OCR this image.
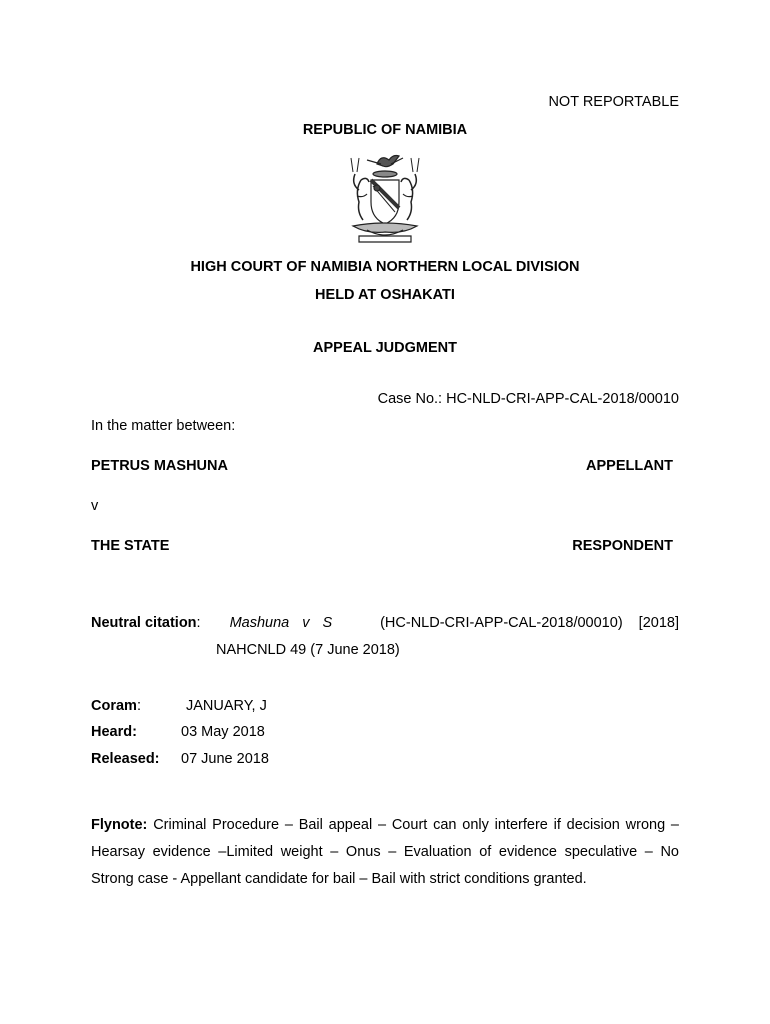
NOT REPORTABLE
REPUBLIC OF NAMIBIA
HIGH COURT OF NAMIBIA NORTHERN LOCAL DIVISION
HELD AT OSHAKATI
APPEAL JUDGMENT
Case No.: HC-NLD-CRI-APP-CAL-2018/00010
In the matter between:
PETRUS MASHUNA	APPELLANT
v
THE STATE	RESPONDENT
Neutral citation: Mashuna v S	(HC-NLD-CRI-APP-CAL-2018/00010) [2018]
NAHCNLD 49 (7 June 2018)
Coram:	JANUARY, J
Heard:	03 May 2018
Released: 07 June 2018
Flynote: Criminal Procedure – Bail appeal – Court can only interfere if decision wrong – Hearsay evidence –Limited weight – Onus – Evaluation of evidence speculative – No Strong case - Appellant candidate for bail – Bail with strict conditions granted.
